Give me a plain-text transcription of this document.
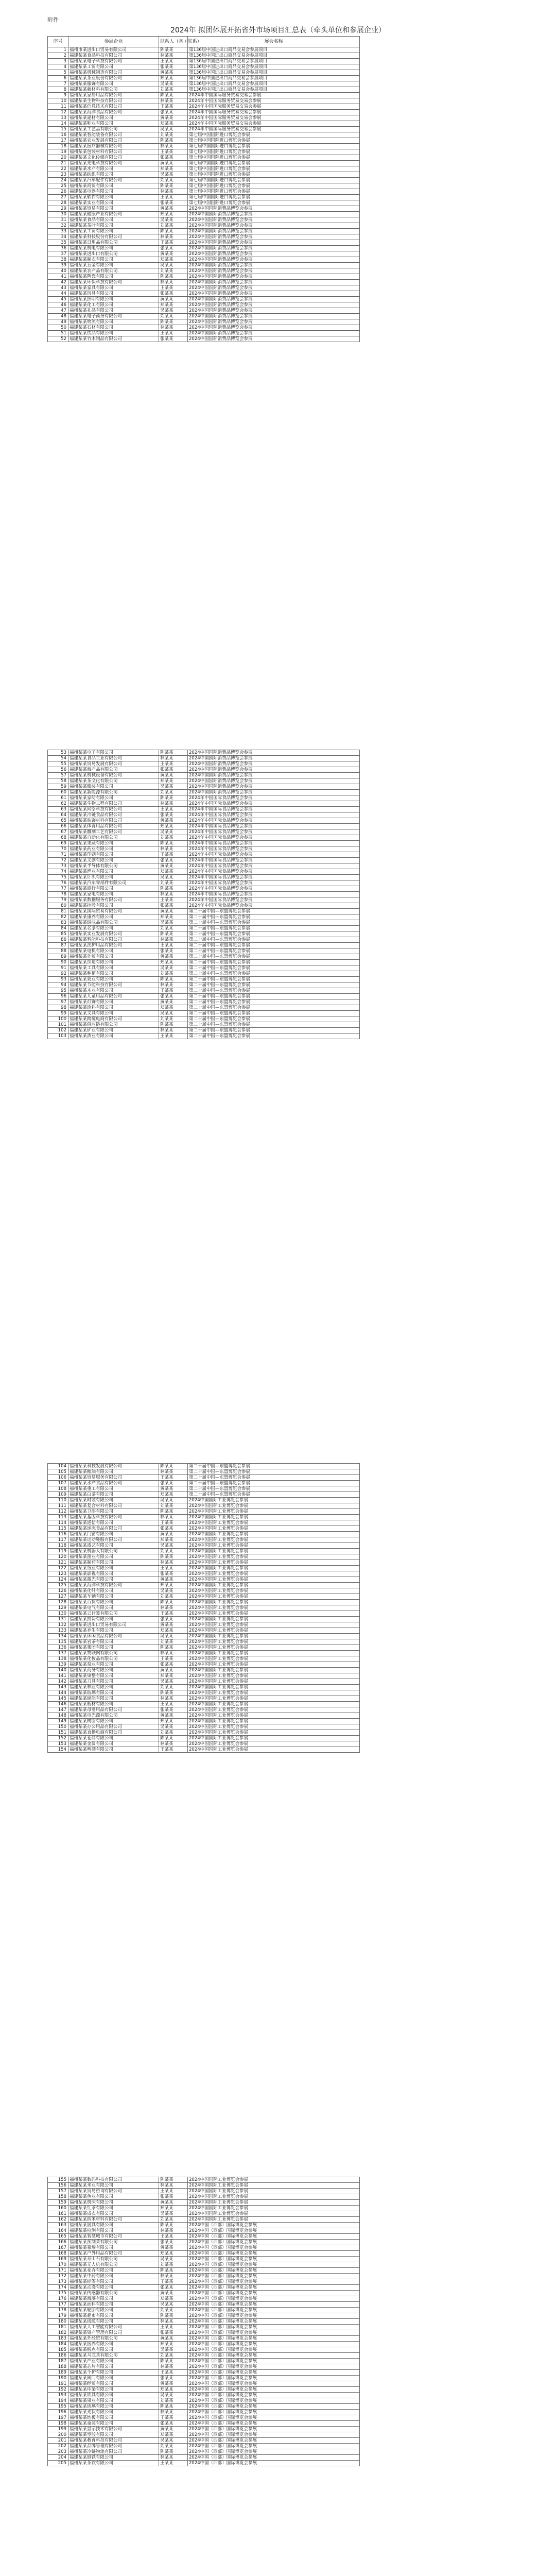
附件
2024年 拟团体展开拓省外市场项目汇总表（牵头单位和参展企业）
序号	参展企业	联系人（备 / 联系）	展会名称
1	福州市某进出口贸易有限公司	陈某某	第136届中国进出口商品交易会参展项目
2	福建某某食品科技有限公司	林某某	第136届中国进出口商品交易会参展项目
3	福州某某电子科技有限公司	王某某	第136届中国进出口商品交易会参展项目
4	福建某某工贸有限公司	张某某	第136届中国进出口商品交易会参展项目
5	福州某某机械制造有限公司	黄某某	第136届中国进出口商品交易会参展项目
6	福建某某茶业股份有限公司	郑某某	第136届中国进出口商品交易会参展项目
7	福州某某服饰有限公司	吴某某	第136届中国进出口商品交易会参展项目
8	福建某某新材料有限公司	刘某某	第136届中国进出口商品交易会参展项目
9	福州某某家居用品有限公司	陈某某	2024年中国国际服务贸易交易会参展
10	福建某某生物科技有限公司	林某某	2024年中国国际服务贸易交易会参展
11	福州某某信息技术有限公司	王某某	2024年中国国际服务贸易交易会参展
12	福建某某海洋食品有限公司	张某某	2024年中国国际服务贸易交易会参展
13	福州某某建材有限公司	黄某某	2024年中国国际服务贸易交易会参展
14	福建某某鞋业有限公司	郑某某	2024年中国国际服务贸易交易会参展
15	福州某某工艺品有限公司	吴某某	2024年中国国际服务贸易交易会参展
16	福建某某智能装备有限公司	刘某某	第七届中国国际进口博览会参展
17	福州某某农业发展有限公司	陈某某	第七届中国国际进口博览会参展
18	福建某某医疗器械有限公司	林某某	第七届中国国际进口博览会参展
19	福州某某包装材料有限公司	王某某	第七届中国国际进口博览会参展
20	福建某某文化传媒有限公司	张某某	第七届中国国际进口博览会参展
21	福州某某光电科技有限公司	黄某某	第七届中国国际进口博览会参展
22	福建某某水产有限公司	郑某某	第七届中国国际进口博览会参展
23	福州某某纺织有限公司	吴某某	第七届中国国际进口博览会参展
24	福建某某汽车配件有限公司	刘某某	第七届中国国际进口博览会参展
25	福州某某商贸有限公司	陈某某	第七届中国国际进口博览会参展
26	福建某某电器有限公司	林某某	第七届中国国际进口博览会参展
27	福州某某软件有限公司	王某某	第七届中国国际进口博览会参展
28	福建某某实业有限公司	张某某	第七届中国国际进口博览会参展
29	福州某某贸易有限公司	黄某某	2024中国国际消费品博览会参展
30	福建某某健康产业有限公司	郑某某	2024中国国际消费品博览会参展
31	福州某某食品有限公司	吴某某	2024中国国际消费品博览会参展
32	福建某某茶叶有限公司	刘某某	2024中国国际消费品博览会参展
33	福州某某工贸有限公司	陈某某	2024中国国际消费品博览会参展
34	福建某某科技股份有限公司	林某某	2024中国国际消费品博览会参展
35	福州某某日用品有限公司	王某某	2024中国国际消费品博览会参展
36	福建某某机电有限公司	张某某	2024中国国际消费品博览会参展
37	福州某某进出口有限公司	黄某某	2024中国国际消费品博览会参展
38	福建某某制衣有限公司	郑某某	2024中国国际消费品博览会参展
39	福州某某五金有限公司	吴某某	2024中国国际消费品博览会参展
40	福建某某农产品有限公司	刘某某	2024中国国际消费品博览会参展
41	福州某某陶瓷有限公司	陈某某	2024中国国际消费品博览会参展
42	福建某某环保科技有限公司	林某某	2024中国国际消费品博览会参展
43	福州某某家具有限公司	王某某	2024中国国际消费品博览会参展
44	福建某某玩具有限公司	张某某	2024中国国际消费品博览会参展
45	福州某某照明有限公司	黄某某	2024中国国际消费品博览会参展
46	福建某某化工有限公司	郑某某	2024中国国际消费品博览会参展
47	福州某某礼品有限公司	吴某某	2024中国国际消费品博览会参展
48	福建某某电子商务有限公司	刘某某	2024中国国际消费品博览会参展
49	福州某某物流有限公司	陈某某	2024中国国际消费品博览会参展
50	福建某某石材有限公司	林某某	2024中国国际消费品博览会参展
51	福州某某饮品有限公司	王某某	2024中国国际消费品博览会参展
52	福建某某竹木制品有限公司	张某某	2024中国国际消费品博览会参展
53	福州某某电子有限公司	陈某某	2024中国国际消费品博览会参展
54	福建某某食品工业有限公司	林某某	2024中国国际消费品博览会参展
55	福州某某贸易发展有限公司	王某某	2024中国国际消费品博览会参展
56	福建某某海产品有限公司	张某某	2024中国国际消费品博览会参展
57	福州某某机械设备有限公司	黄某某	2024中国国际消费品博览会参展
58	福建某某茶文化有限公司	郑某某	2024中国国际消费品博览会参展
59	福州某某服装有限公司	吴某某	2024中国国际消费品博览会参展
60	福建某某新能源有限公司	刘某某	2024中国国际消费品博览会参展
61	福州某某家纺有限公司	陈某某	2024年中国国际食品博览会参展
62	福建某某生物工程有限公司	林某某	2024年中国国际食品博览会参展
63	福州某某网络科技有限公司	王某某	2024年中国国际食品博览会参展
64	福建某某冷链食品有限公司	张某某	2024年中国国际食品博览会参展
65	福州某某装饰材料有限公司	黄某某	2024年中国国际食品博览会参展
66	福建某某体育用品有限公司	郑某某	2024年中国国际食品博览会参展
67	福州某某雕刻工艺有限公司	吴某某	2024年中国国际食品博览会参展
68	福建某某自动化有限公司	刘某某	2024年中国国际食品博览会参展
69	福州某某果蔬有限公司	陈某某	2024年中国国际食品博览会参展
70	福建某某药业有限公司	林某某	2024年中国国际食品博览会参展
71	福州某某印刷有限公司	王某某	2024年中国国际食品博览会参展
72	福建某某文创有限公司	张某某	2024年中国国际食品博览会参展
73	福州某某半导体有限公司	黄某某	2024年中国国际食品博览会参展
74	福建某某渔业有限公司	郑某某	2024年中国国际食品博览会参展
75	福州某某针织有限公司	吴某某	2024年中国国际食品博览会参展
76	福建某某汽车零部件有限公司	刘某某	2024年中国国际食品博览会参展
77	福州某某商行有限公司	陈某某	2024年中国国际食品博览会参展
78	福建某某家电有限公司	林某某	2024年中国国际食品博览会参展
79	福州某某数据服务有限公司	王某某	2024年中国国际食品博览会参展
80	福建某某控股有限公司	张某某	2024年中国国际食品博览会参展
81	福州某某国际贸易有限公司	黄某某	第二十届中国—东盟博览会参展
82	福建某某康养有限公司	郑某某	第二十届中国—东盟博览会参展
83	福州某某调味品有限公司	吴某某	第二十届中国—东盟博览会参展
84	福建某某名茶有限公司	刘某某	第二十届中国—东盟博览会参展
85	福州某某实业发展有限公司	陈某某	第二十届中国—东盟博览会参展
86	福建某某智能科技有限公司	林某某	第二十届中国—东盟博览会参展
87	福州某某洗护用品有限公司	王某某	第二十届中国—东盟博览会参展
88	福建某某电机有限公司	张某某	第二十届中国—东盟博览会参展
89	福州某某外贸有限公司	黄某某	第二十届中国—东盟博览会参展
90	福建某某织造有限公司	郑某某	第二十届中国—东盟博览会参展
91	福州某某工具有限公司	吴某某	第二十届中国—东盟博览会参展
92	福建某某种植有限公司	刘某某	第二十届中国—东盟博览会参展
93	福州某某瓷业有限公司	陈某某	第二十届中国—东盟博览会参展
94	福建某某节能科技有限公司	林某某	第二十届中国—东盟博览会参展
95	福州某某木业有限公司	王某某	第二十届中国—东盟博览会参展
96	福建某某儿童用品有限公司	张某某	第二十届中国—东盟博览会参展
97	福州某某灯饰有限公司	黄某某	第二十届中国—东盟博览会参展
98	福建某某涂料有限公司	郑某某	第二十届中国—东盟博览会参展
99	福州某某文具有限公司	吴某某	第二十届中国—东盟博览会参展
100	福建某某跨境电商有限公司	刘某某	第二十届中国—东盟博览会参展
101	福州某某供应链有限公司	陈某某	第二十届中国—东盟博览会参展
102	福建某某矿业有限公司	林某某	第二十届中国—东盟博览会参展
103	福州某某酒业有限公司	王某某	第二十届中国—东盟博览会参展
104	福州某某科技发展有限公司	陈某某	第二十届中国—东盟博览会参展
105	福建某某粮油有限公司	林某某	第二十届中国—东盟博览会参展
106	福州某某贸易服务有限公司	王某某	第二十届中国—东盟博览会参展
107	福建某某水产食品有限公司	张某某	第二十届中国—东盟博览会参展
108	福州某某重工有限公司	黄某某	第二十届中国—东盟博览会参展
109	福建某某白茶有限公司	郑某某	第二十届中国—东盟博览会参展
110	福州某某时装有限公司	吴某某	2024中国国际工业博览会参展
111	福建某某复合材料有限公司	刘某某	2024中国国际工业博览会参展
112	福州某某卫浴有限公司	陈某某	2024中国国际工业博览会参展
113	福建某某基因科技有限公司	林某某	2024中国国际工业博览会参展
114	福州某某通信有限公司	王某某	2024中国国际工业博览会参展
115	福建某某速冻食品有限公司	张某某	2024中国国际工业博览会参展
116	福州某某门窗有限公司	黄某某	2024中国国际工业博览会参展
117	福建某某运动鞋服有限公司	郑某某	2024中国国际工业博览会参展
118	福州某某漆艺有限公司	吴某某	2024中国国际工业博览会参展
119	福建某某机器人有限公司	刘某某	2024中国国际工业博览会参展
120	福州某某菌业有限公司	陈某某	2024中国国际工业博览会参展
121	福建某某制药有限公司	林某某	2024中国国际工业博览会参展
122	福州某某纸业有限公司	王某某	2024中国国际工业博览会参展
123	福建某某影视有限公司	张某某	2024中国国际工业博览会参展
124	福州某某激光有限公司	黄某某	2024中国国际工业博览会参展
125	福建某某海洋科技有限公司	郑某某	2024中国国际工业博览会参展
126	福州某某化纤有限公司	吴某某	2024中国国际工业博览会参展
127	福建某某车辆有限公司	刘某某	2024中国国际工业博览会参展
128	福州某某百货有限公司	陈某某	2024中国国际工业博览会参展
129	福建某某电气有限公司	林某某	2024中国国际工业博览会参展
130	福州某某云计算有限公司	王某某	2024中国国际工业博览会参展
131	福建某某投资有限公司	张某某	2024中国国际工业博览会参展
132	福州某某进出口贸易有限公司	黄某某	2024中国国际工业博览会参展
133	福建某某养生有限公司	郑某某	2024中国国际工业博览会参展
134	福州某某休闲食品有限公司	吴某某	2024中国国际工业博览会参展
135	福建某某岩茶有限公司	刘某某	2024中国国际工业博览会参展
136	福州某某集团有限公司	陈某某	2024中国国际工业博览会参展
137	福建某某物联网有限公司	林某某	2024中国国际工业博览会参展
138	福州某某化妆品有限公司	王某某	2024中国国际工业博览会参展
139	福建某某泵业有限公司	张某某	2024中国国际工业博览会参展
140	福州某某商务有限公司	黄某某	2024中国国际工业博览会参展
141	福建某某染整有限公司	郑某某	2024中国国际工业博览会参展
142	福州某某刀具有限公司	吴某某	2024中国国际工业博览会参展
143	福建某某林业有限公司	刘某某	2024中国国际工业博览会参展
144	福州某某玻璃有限公司	陈某某	2024中国国际工业博览会参展
145	福建某某储能有限公司	林某某	2024中国国际工业博览会参展
146	福州某某板材有限公司	王某某	2024中国国际工业博览会参展
147	福建某某母婴用品有限公司	张某某	2024中国国际工业博览会参展
148	福州某某电光源有限公司	黄某某	2024中国国际工业博览会参展
149	福建某某树脂有限公司	郑某某	2024中国国际工业博览会参展
150	福州某某办公用品有限公司	吴某某	2024中国国际工业博览会参展
151	福建某某直播电商有限公司	刘某某	2024中国国际工业博览会参展
152	福州某某仓储有限公司	陈某某	2024中国国际工业博览会参展
153	福建某某金属有限公司	林某某	2024中国国际工业博览会参展
154	福州某某啤酒有限公司	王某某	2024中国国际工业博览会参展
155	福州某某数码科技有限公司	陈某某	2024中国国际工业博览会参展
156	福建某某米业有限公司	林某某	2024中国国际工业博览会参展
157	福州某某贸易咨询有限公司	王某某	2024中国国际工业博览会参展
158	福建某某鱼业有限公司	张某某	2024中国国际工业博览会参展
159	福州某某机床有限公司	黄某某	2024中国国际工业博览会参展
160	福建某某红茶有限公司	郑某某	2024中国国际工业博览会参展
161	福州某某成衣有限公司	吴某某	2024中国国际工业博览会参展
162	福建某某纳米材料有限公司	刘某某	2024中国国际工业博览会参展
163	福州某某厨具有限公司	陈某某	2024中国（西部）国际博览会参展
164	福建某某检测有限公司	林某某	2024中国（西部）国际博览会参展
165	福州某某智慧城市有限公司	王某某	2024中国（西部）国际博览会参展
166	福建某某预制菜有限公司	张某某	2024中国（西部）国际博览会参展
167	福州某某幕墙有限公司	黄某某	2024中国（西部）国际博览会参展
168	福建某某户外用品有限公司	郑某某	2024中国（西部）国际博览会参展
169	福州某某寿山石有限公司	吴某某	2024中国（西部）国际博览会参展
170	福建某某无人机有限公司	刘某某	2024中国（西部）国际博览会参展
171	福州某某花卉有限公司	陈某某	2024中国（西部）国际博览会参展
172	福建某某中药有限公司	林某某	2024中国（西部）国际博览会参展
173	福州某某标签有限公司	王某某	2024中国（西部）国际博览会参展
174	福建某某动漫有限公司	张某某	2024中国（西部）国际博览会参展
175	福州某某传感器有限公司	黄某某	2024中国（西部）国际博览会参展
176	福建某某海藻有限公司	郑某某	2024中国（西部）国际博览会参展
177	福州某某面料有限公司	吴某某	2024中国（西部）国际博览会参展
178	福建某某轮胎有限公司	刘某某	2024中国（西部）国际博览会参展
179	福州某某超市有限公司	陈某某	2024中国（西部）国际博览会参展
180	福建某某线缆有限公司	林某某	2024中国（西部）国际博览会参展
181	福州某某人工智能有限公司	王某某	2024中国（西部）国际博览会参展
182	福建某某资产管理有限公司	张某某	2024中国（西部）国际博览会参展
183	福州某某外经贸有限公司	黄某某	2024中国（西部）国际博览会参展
184	福建某某医养有限公司	郑某某	2024中国（西部）国际博览会参展
185	福州某某糕点有限公司	吴某某	2024中国（西部）国际博览会参展
186	福建某某乌龙茶有限公司	刘某某	2024中国（西部）国际博览会参展
187	福州某某产业有限公司	陈某某	2024中国（西部）国际博览会参展
188	福建某某芯片有限公司	林某某	2024中国（西部）国际博览会参展
189	福州某某个护有限公司	王某某	2024中国（西部）国际博览会参展
190	福建某某阀门有限公司	张某某	2024中国（西部）国际博览会参展
191	福州某某经贸有限公司	黄某某	2024中国（西部）国际博览会参展
192	福建某某印染有限公司	郑某某	2024中国（西部）国际博览会参展
193	福州某某锁具有限公司	吴某某	2024中国（西部）国际博览会参展
194	福建某某果业有限公司	刘某某	2024中国（西部）国际博览会参展
195	福州某某琉璃有限公司	陈某某	2024中国（西部）国际博览会参展
196	福建某某光伏有限公司	林某某	2024中国（西部）国际博览会参展
197	福州某某地板有限公司	王某某	2024中国（西部）国际博览会参展
198	福建某某童装有限公司	张某某	2024中国（西部）国际博览会参展
199	福州某某显示技术有限公司	黄某某	2024中国（西部）国际博览会参展
200	福建某某塑胶有限公司	郑某某	2024中国（西部）国际博览会参展
201	福州某某教育科技有限公司	吴某某	2024中国（西部）国际博览会参展
202	福建某某品牌管理有限公司	刘某某	2024中国（西部）国际博览会参展
203	福州某某冷链物流有限公司	陈某某	2024中国（西部）国际博览会参展
204	福建某某钢铁有限公司	林某某	2024中国（西部）国际博览会参展
205	福州某某茶饮有限公司	王某某	2024中国（西部）国际博览会参展
